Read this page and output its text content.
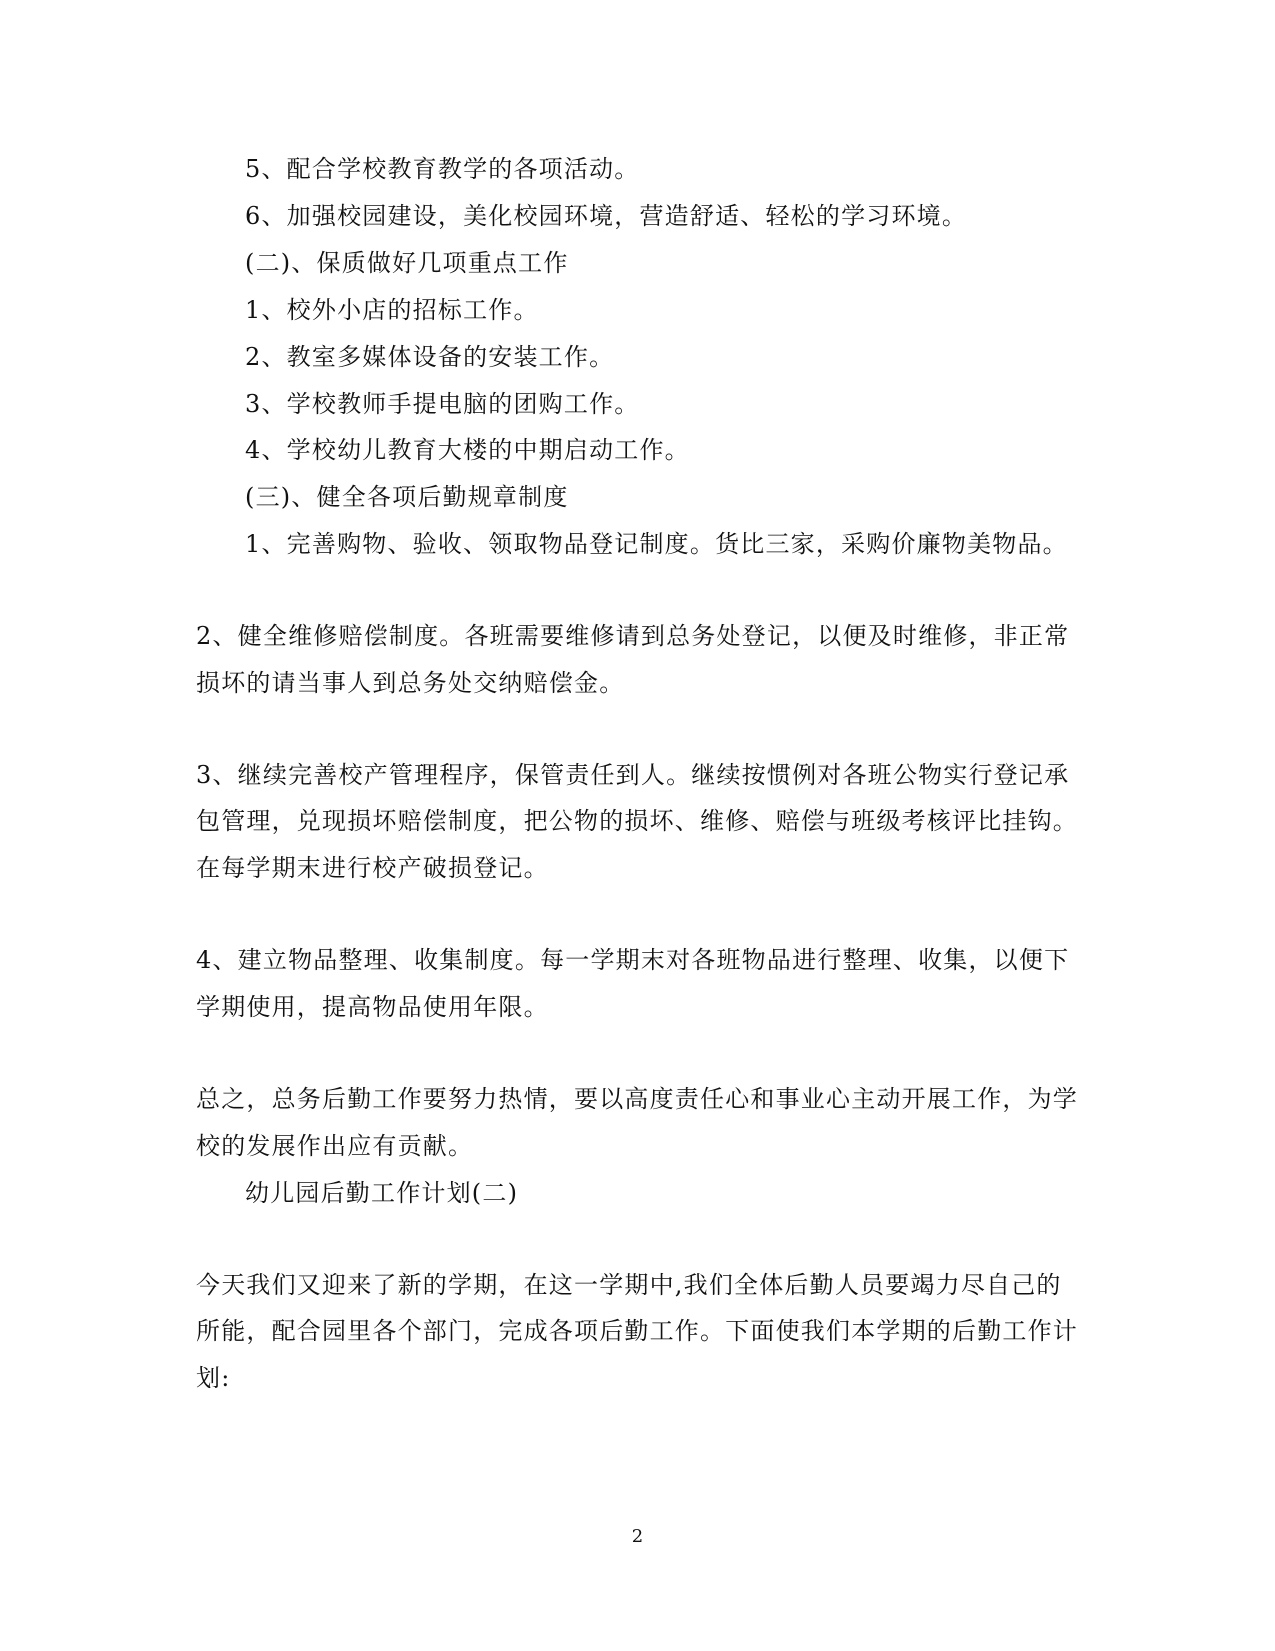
5、配合学校教育教学的各项活动。
6、加强校园建设，美化校园环境，营造舒适、轻松的学习环境。
(二)、保质做好几项重点工作
1、校外小店的招标工作。
2、教室多媒体设备的安装工作。
3、学校教师手提电脑的团购工作。
4、学校幼儿教育大楼的中期启动工作。
(三)、健全各项后勤规章制度
1、完善购物、验收、领取物品登记制度。货比三家，采购价廉物美物品。
2、健全维修赔偿制度。各班需要维修请到总务处登记，以便及时维修，非正常
损坏的请当事人到总务处交纳赔偿金。
3、继续完善校产管理程序，保管责任到人。继续按惯例对各班公物实行登记承
包管理，兑现损坏赔偿制度，把公物的损坏、维修、赔偿与班级考核评比挂钩。
在每学期末进行校产破损登记。
4、建立物品整理、收集制度。每一学期末对各班物品进行整理、收集，以便下
学期使用，提高物品使用年限。
总之，总务后勤工作要努力热情，要以高度责任心和事业心主动开展工作，为学
校的发展作出应有贡献。
幼儿园后勤工作计划(二)
今天我们又迎来了新的学期，在这一学期中,我们全体后勤人员要竭力尽自己的
所能，配合园里各个部门，完成各项后勤工作。下面使我们本学期的后勤工作计
划:
2
